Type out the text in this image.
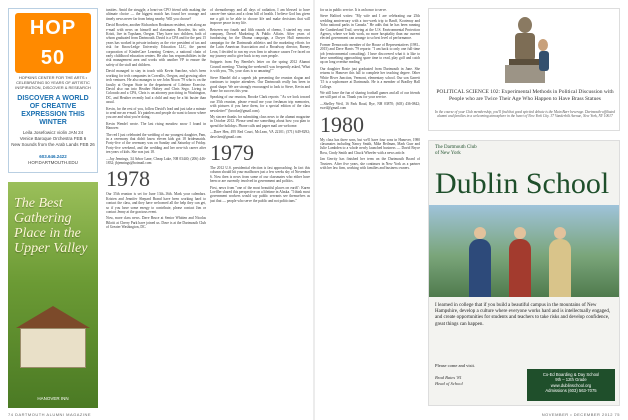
HOP 50
HOPKINS CENTER FOR THE ARTS • CELEBRATING 50 YEARS OF ARTISTIC INSPIRATION, DISCOVER & RESEARCH
DISCOVER A WORLD OF CREATIVE EXPRESSION THIS WINTER
Leila Josefowicz violin JAN 24
Venice Baroque Orchestra FEB 6
New Sounds from the Arab Lands FEB 26
603.646.2422
HOP.DARTMOUTH.EDU
The Best Gathering Place in the Upper Valley
HANOVER INN

tunities. Amid the struggle, a heart-on CPO friend with making the ultimate choice — the biggest match has found her courage and timely news never far from being nearby. Will you choose?

David Bowden, another Richardson Bookman resident, sent along an e-mail with news on himself and classmates. Bowden, his wife, Kristi, live in Topsham, Oregon. They have two children, both of whom graduated from Dartmouth. David is a CPA and for the past 15 years has worked in private industry as the vice president of tax and risk for KnowLedge University Education LLC, the parent corporation of KinderCare Learning Centers, a national chain of early childhood education centers. He also has responsibilities in the risk management area and works with another VP to ensure the safety of the staff and children.

David managed to stay in touch with Kevin Sanchez, who's been working for tech companies in Corvallis, Oregon, and growing other tech ventures. He also manages to see John Nixon '79 who is on the faculty at Oregon State in the department of Lifetime Exercise. David also ran into Heather Halsey and Chris Sego. Living in Colorado and a CPA, Chris is an attorney practicing in Washington, DC, and Heather recently had a child and may be a bit busier than usual.

Kevin, for the rest of you, follow David's lead and just take a minute to send me an e-mail. It's painless and people do want to know where you are and what you're doing.

Kevin Wendel wrote. The last rising meadow snow I found in Hanover.

The red I just celebrated the wedding of our youngest daughter, Pam, in a ceremony that didn't know eleven kids got 18 bridesmaids. Forty-five of the ceremony was on Sunday and Saturday of Friday. Forty-five weekend, and the wedding and her new-ish career after ten years of kids. She was just 18.

—Jay Jennings, 34 Arbor Lane, Cheap Lake, NH 03440; (206) 446-1832; jbjennings@hotmail.com

1978

Our 35th reunion is set for June 13th–16th. Mark your calendars. Kristen and Jennifer Shepard Brand have been working hard to contact the class, and they have welcomed all the help they can get, so if you have some energy to contribute, please contact Jim or contact Jenny at the gracious event.

Now, more class news. Dave Bruce at Senior Whitten and Nicolas Bilotti at Cherry Park have joined us. Dave is at the Dartmouth Club of Greater Washington, DC.

of chemotherapy and all days of radiation, I am blessed to have cancer-free status and a clean bill of health. I believe God has given me a gift to be able to choose life and make decisions that will improve peace in my life.

Between my fourth and fifth rounds of chemo, I started my own company, Drexel Marketing & Public Affairs. After years of fundraising for the Obama campaign, a Dwyer Hall memories campaign for the Dartmouth athletics and the marketing efforts for the Latin American Association and a Broadway director, Barney Leon, I decided to run my own firm to advance causes I've faced on my journey and to give back to my own people.

Snippets from Fay Berethe's letter on the spring 2012 Alumni Council meeting: "During the weekend I was frequently asked, 'What is with you, '78s, your class is so amazing!'"

Steve Mandel did a superb job presenting the reunion slogan and continues to inspire attendees. Our Dartmouth really has been in good shape. We are strongly encouraged to look to Steve, Kevin and Anne for success this year.

Speaking of our reunion, Brooke Clark reports: "As we look toward our 35th reunion, please e-mail me your freshman trip memories, with pictures if you have them, for a special edition of the class newsletter!" (brooke@gmail.com).

My sincere thanks for submitting class news to the alumni magazine in October 2012. Please send me something about how you plan to spend the holidays. Phone calls and paper mail are welcome.

—Dave Hen, 495 Red Court, McLean, VA 22101; (571) 649-8292; dave.hen@gmail.com

1979

The 2012 U.S. presidential election is fast approaching. In fact this column should hit your mailboxes just a few weeks shy of November 6. Now then is news from some of our classmates who either have been or are currently involved in government and politics.

First, news from "one of the most beautiful places on earth": Karen Loeffler shared this perspective on a lifetime in Alaska. "I think most government workers would say public servants see themselves as just that — people who serve the public and not politicians."

for us in public service. It is an honor to serve.

Steve Halford writes: "My wife and I are celebrating our 25th wedding anniversary with a two-week trip to Banff, Kootenay and Yoho national parks in Canada." He adds that he has been running the Cumberland Trail, serving at the U.S. Environmental Protection Agency, where we both work, no more hospitality than our current elected government can arrange to so best level of performance.

Former Democratic member of the House of Representatives (1981–2015) and Dave Harris '79 reports: "I am back to only one full-time job (environmental consulting). I have discovered what it is like to have something approaching spare time to read, play golf and catch up on long overdue reading."

Our daughter Rosie just graduated from Dartmouth in June. She returns to Hanover this fall to complete her teaching degree. Other White River Junction, Vermont, elementary school. Our son Garrett '15 is a sophomore at Dartmouth. He is a member of Bradley Hall College.

We still have the fun of sharing football games and all of our friends are still part of us. Thank you for your service.

—Shelley Weil, 16 Park Road, Rye, NH 03870; (603) 436-0842; sweil@gmail.com

1980

My class has three sons, but we'll have four sons in Hanover, 1980 classmates including Nancy Smith, Mike Beilman, Mark Gurr and Julie Lambden to a whole newly launched business — David Bryce Ross, Cindy Smith and Chuck Wheeler with a news article.

Jan Gerrity has finished her term on the Dartmouth Board of Trustees. After five years, she continues in New York as a partner with her law firm, working with families and business owners.

POLITICAL SCIENCE 102: Experimental Methods in Political Discussion with People who are Twice Their Age Who Happen to Have Brass Statues
In the course of your Club membership, you'll find that good spirited debate is the Main Barr beverage. Dartmouth-affiliated alumni and families in a welcoming atmosphere in the heart of New York City. 37 Vanderbilt Avenue, New York, NY 10017
The Dartmouth Club
of New York
Dublin School
I learned in college that if you build a beautiful campus in the mountains of New Hampshire, develop a culture where everyone works hard and is intellectually engaged, and create opportunities for students and teachers to take risks and develop confidence, great things can happen.
Please come and visit.
Brad Bates '81
Head of School
Co-Ed Boarding & Day School
9th – 12th Grade
www.dublinschool.org
Admissions (603) 563-7075
74 DARTMOUTH ALUMNI MAGAZINE	NOVEMBER • DECEMBER 2012 75
